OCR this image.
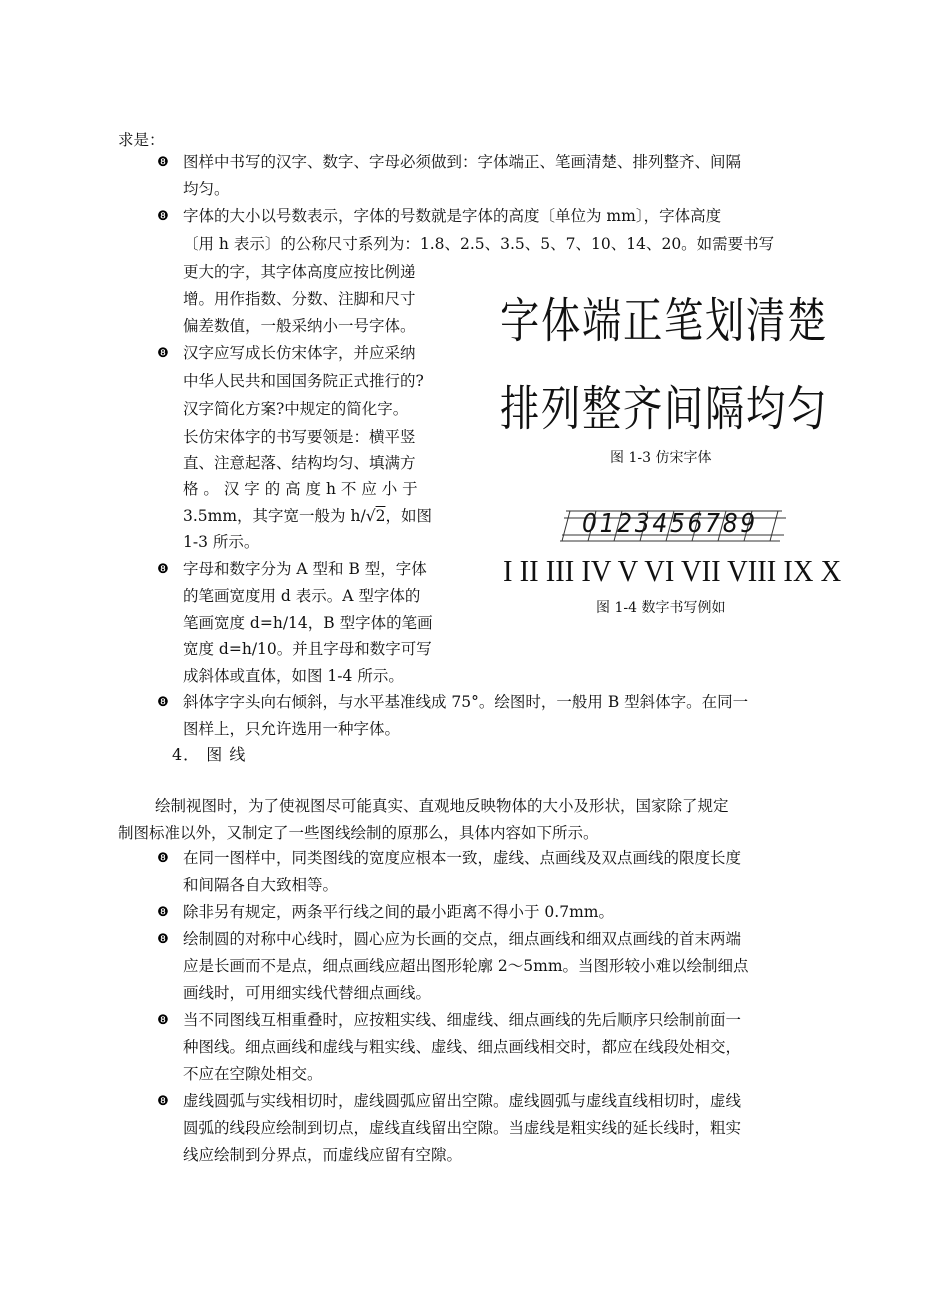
求是：
❽ 图样中书写的汉字、数字、字母必须做到：字体端正、笔画清楚、排列整齐、间隔
均匀。
❽ 字体的大小以号数表示，字体的号数就是字体的高度〔单位为 mm〕，字体高度
〔用 h 表示〕的公称尺寸系列为：1.8、2.5、3.5、5、7、10、14、20。如需要书写
更大的字，其字体高度应按比例递
增。用作指数、分数、注脚和尺寸
偏差数值，一般采纳小一号字体。
❽ 汉字应写成长仿宋体字，并应采纳
中华人民共和国国务院正式推行的?
汉字简化方案?中规定的简化字。
长仿宋体字的书写要领是：横平竖
直、注意起落、结构均匀、填满方
格 。 汉 字 的 高 度 h 不 应 小 于
3.5mm，其字宽一般为 h/√2，如图
1-3 所示。
❽ 字母和数字分为 A 型和 B 型，字体
的笔画宽度用 d 表示。A 型字体的
笔画宽度 d=h/14，B 型字体的笔画
宽度 d=h/10。并且字母和数字可写
成斜体或直体，如图 1-4 所示。
❽ 斜体字字头向右倾斜，与水平基准线成 75°。绘图时，一般用 B 型斜体字。在同一
图样上，只允许选用一种字体。
字体端正笔划清楚
排列整齐间隔均匀
图 1-3 仿宋字体
0123456789
I II III IV V VI VII VIII IX X
图 1-4 数字书写例如
4． 图 线
绘制视图时，为了使视图尽可能真实、直观地反映物体的大小及形状，国家除了规定
制图标准以外，又制定了一些图线绘制的原那么，具体内容如下所示。
❽ 在同一图样中，同类图线的宽度应根本一致，虚线、点画线及双点画线的限度长度
和间隔各自大致相等。
❽ 除非另有规定，两条平行线之间的最小距离不得小于 0.7mm。
❽ 绘制圆的对称中心线时，圆心应为长画的交点，细点画线和细双点画线的首末两端
应是长画而不是点，细点画线应超出图形轮廓 2～5mm。当图形较小难以绘制细点
画线时，可用细实线代替细点画线。
❽ 当不同图线互相重叠时，应按粗实线、细虚线、细点画线的先后顺序只绘制前面一
种图线。细点画线和虚线与粗实线、虚线、细点画线相交时，都应在线段处相交，
不应在空隙处相交。
❽ 虚线圆弧与实线相切时，虚线圆弧应留出空隙。虚线圆弧与虚线直线相切时，虚线
圆弧的线段应绘制到切点，虚线直线留出空隙。当虚线是粗实线的延长线时，粗实
线应绘制到分界点，而虚线应留有空隙。
